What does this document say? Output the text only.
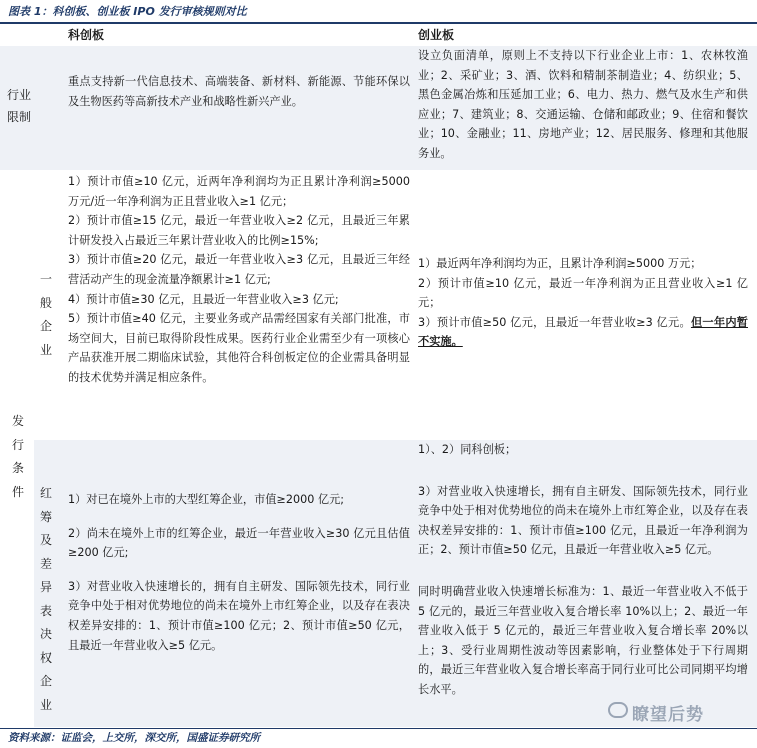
图表 1：科创板、创业板 IPO 发行审核规则对比
科创板	创业板
行业限制
重点支持新一代信息技术、高端装备、新材料、新能源、节能环保以及生物医药等高新技术产业和战略性新兴产业。
设立负面清单，原则上不支持以下行业企业上市：1、农林牧渔业；2、采矿业；3、酒、饮料和精制茶制造业；4、纺织业；5、黑色金属冶炼和压延加工业；6、电力、热力、燃气及水生产和供应业；7、建筑业；8、交通运输、仓储和邮政业；9、住宿和餐饮业；10、金融业；11、房地产业；12、居民服务、修理和其他服务业。
发行条件
一般企业

1）预计市值≥10 亿元，近两年净利润均为正且累计净利润≥5000 万元/近一年净利润为正且营业收入≥1 亿元；

2）预计市值≥15 亿元，最近一年营业收入≥2 亿元，且最近三年累计研发投入占最近三年累计营业收入的比例≥15%;

3）预计市值≥20 亿元，最近一年营业收入≥3 亿元，且最近三年经营活动产生的现金流量净额累计≥1 亿元;

4）预计市值≥30 亿元，且最近一年营业收入≥3 亿元;

5）预计市值≥40 亿元，主要业务或产品需经国家有关部门批准，市场空间大，目前已取得阶段性成果。医药行业企业需至少有一项核心产品获准开展二期临床试验，其他符合科创板定位的企业需具备明显的技术优势并满足相应条件。

1）最近两年净利润均为正，且累计净利润≥5000 万元；

2）预计市值≥10 亿元，最近一年净利润为正且营业收入≥1 亿元；

3）预计市值≥50 亿元，且最近一年营业收≥3 亿元。但一年内暂不实施。

红筹及差异表决权企业

1）对已在境外上市的大型红筹企业，市值≥2000 亿元;

2）尚未在境外上市的红筹企业，最近一年营业收入≥30 亿元且估值≥200 亿元;

3）对营业收入快速增长的，拥有自主研发、国际领先技术，同行业竞争中处于相对优势地位的尚未在境外上市红筹企业，以及存在表决权差异安排的：1、预计市值≥100 亿元；2、预计市值≥50 亿元，且最近一年营业收入≥5 亿元。

1）、2）同科创板；

3）对营业收入快速增长，拥有自主研发、国际领先技术，同行业竞争中处于相对优势地位的尚未在境外上市红筹企业，以及存在表决权差异安排的：1、预计市值≥100 亿元，且最近一年净利润为正；2、预计市值≥50 亿元，且最近一年营业收入≥5 亿元。

同时明确营业收入快速增长标准为：1、最近一年营业收入不低于 5 亿元的，最近三年营业收入复合增长率 10%以上；2、最近一年营业收入低于 5 亿元的，最近三年营业收入复合增长率 20%以上；3、受行业周期性波动等因素影响，行业整体处于下行周期的，最近三年营业收入复合增长率高于同行业可比公司同期平均增长水平。

资料来源：证监会，上交所，深交所，国盛证券研究所
瞭望后势
